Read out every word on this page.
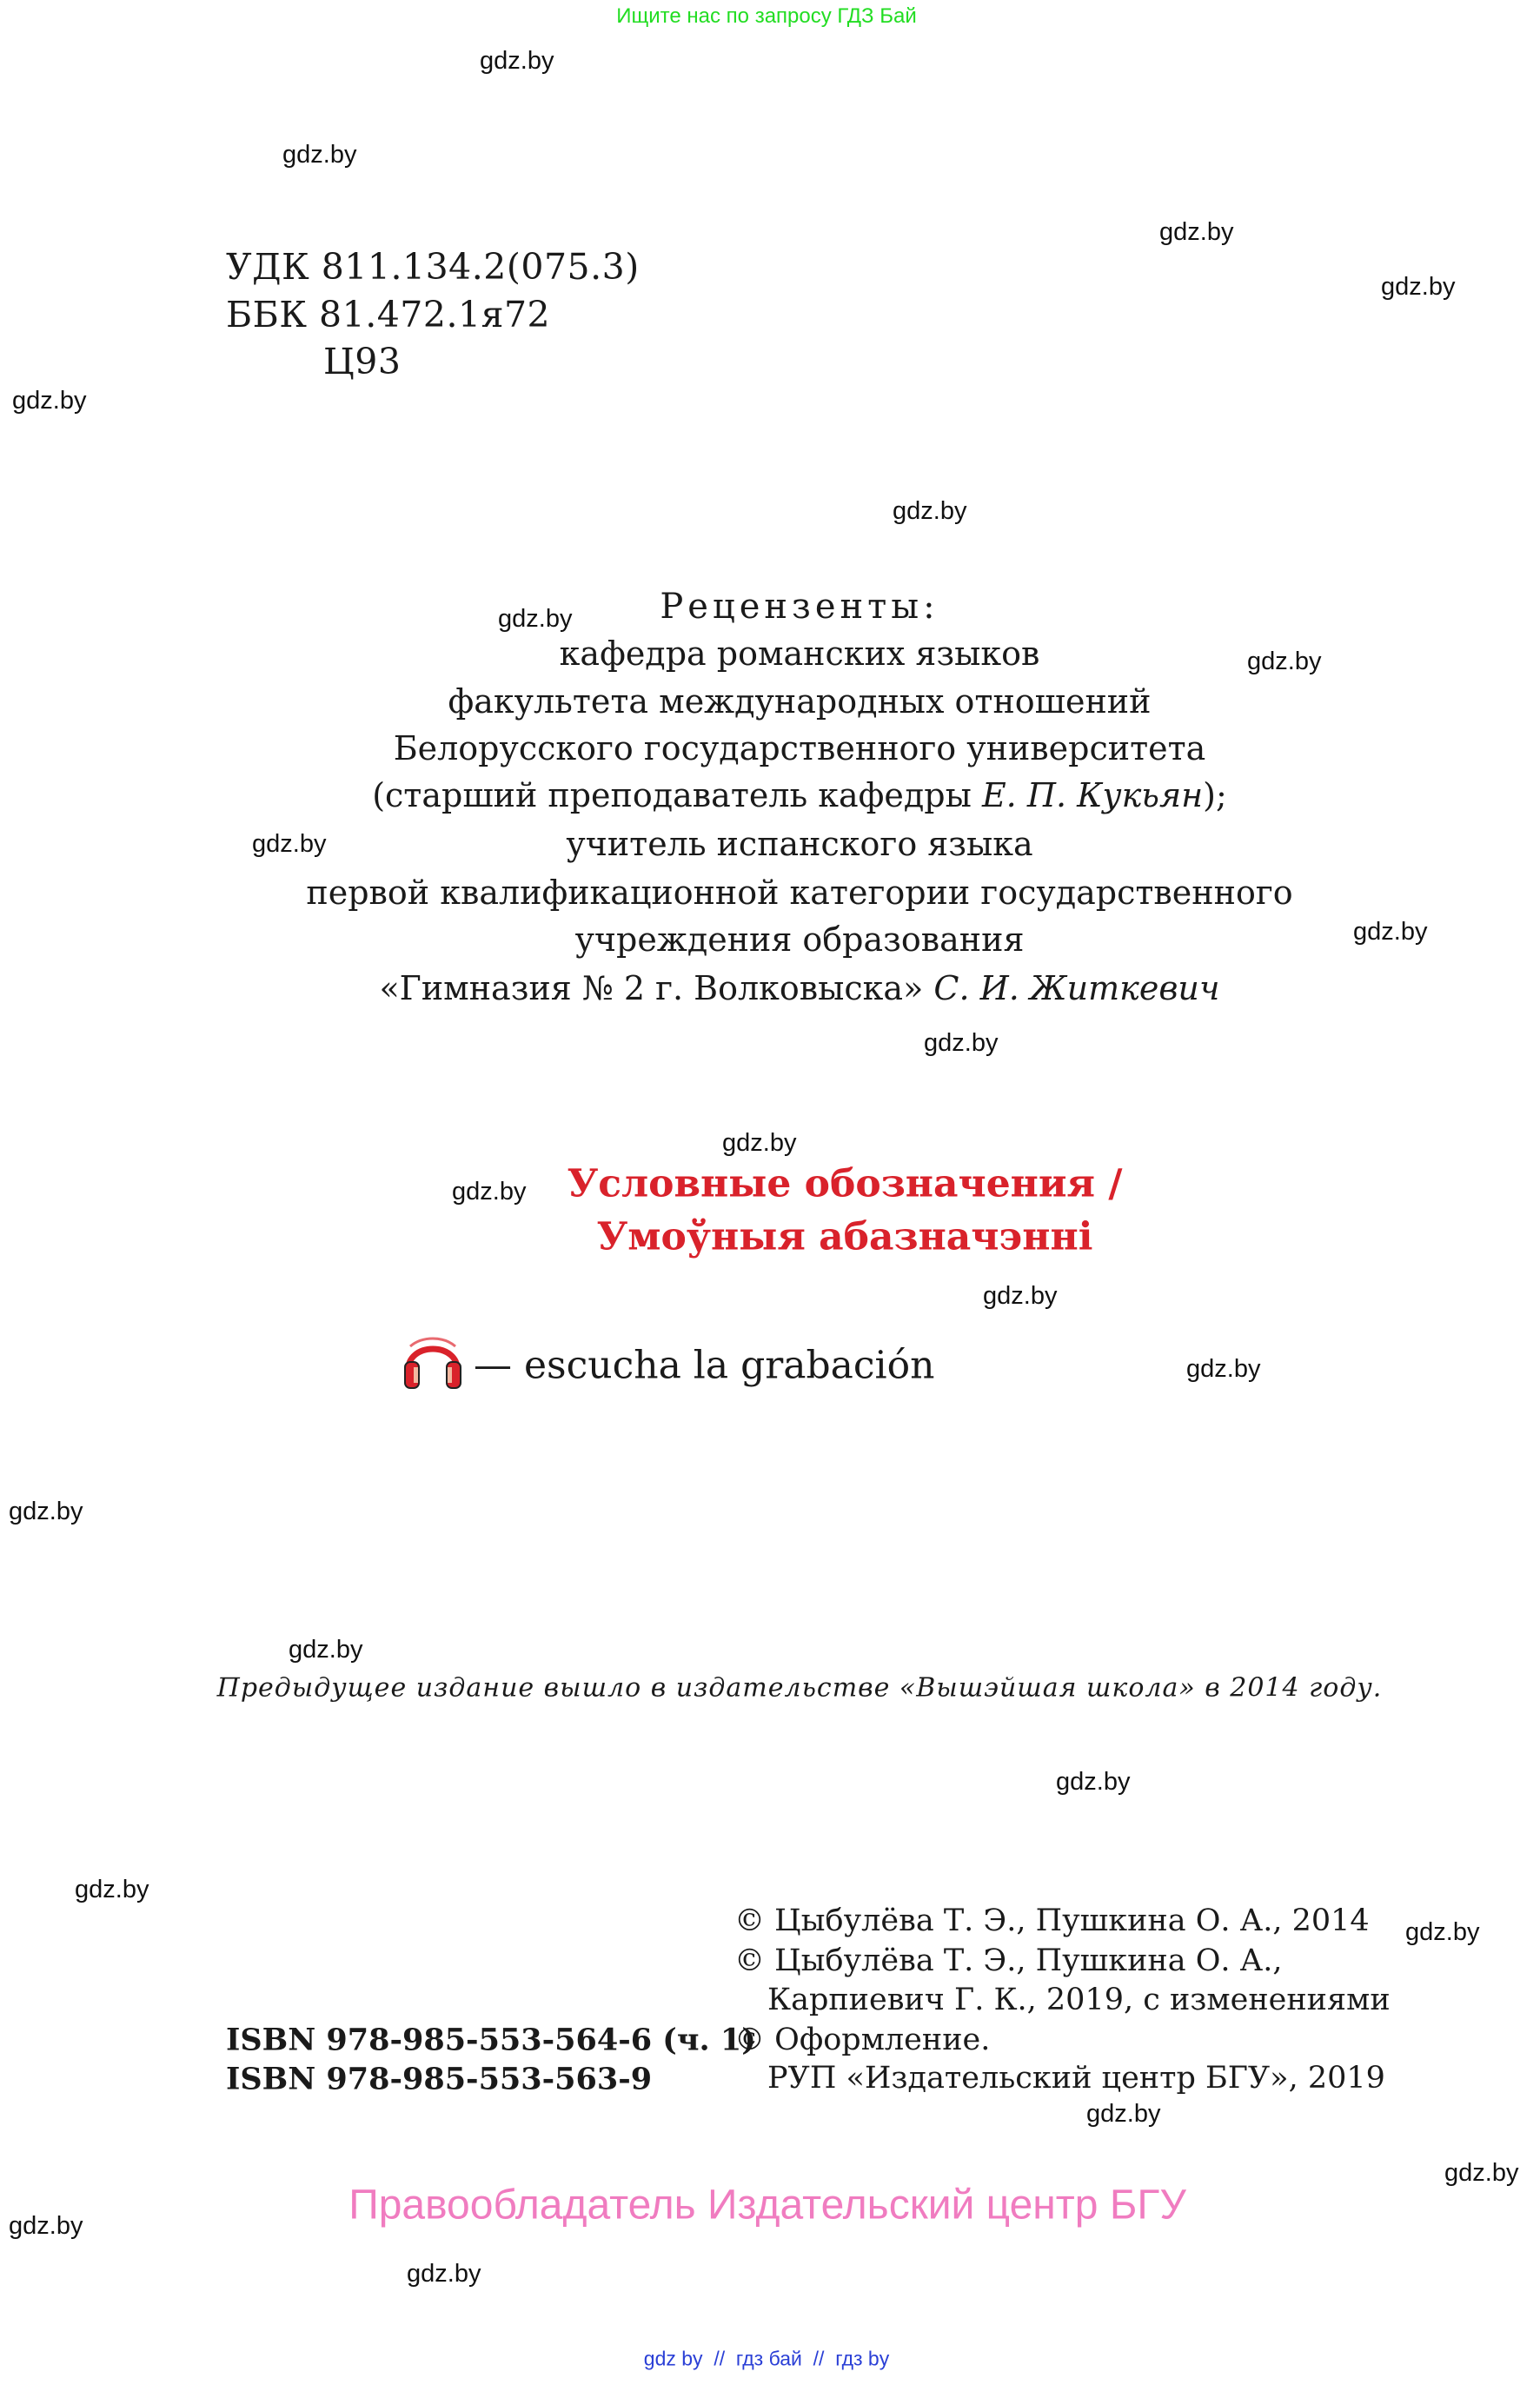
Ищите нас по запросу ГДЗ Бай
gdz.by
gdz.by
gdz.by
gdz.by
gdz.by
gdz.by
gdz.by
gdz.by
gdz.by
gdz.by
gdz.by
gdz.by
gdz.by
gdz.by
gdz.by
gdz.by
gdz.by
gdz.by
gdz.by
gdz.by
gdz.by
gdz.by
gdz.by
gdz.by
УДК 811.134.2(075.3)
ББК 81.472.1я72
Ц93
Рецензенты:
кафедра романских языков
факультета международных отношений
Белорусского государственного университета
(старший преподаватель кафедры Е. П. Кукьян);
учитель испанского языка
первой квалификационной категории государственного
учреждения образования
«Гимназия № 2 г. Волковыска» С. И. Житкевич
Условные обозначения /
Умоўныя абазначэнні
— escucha la grabación
Предыдущее издание вышло в издательстве «Вышэйшая школа» в 2014 году.
© Цыбулёва Т. Э., Пушкина О. А., 2014
© Цыбулёва Т. Э., Пушкина О. А.,
Карпиевич Г. К., 2019, с изменениями
© Оформление.
РУП «Издательский центр БГУ», 2019
ISBN 978-985-553-564-6 (ч. 1)
ISBN 978-985-553-563-9
Правообладатель Издательский центр БГУ
gdz by  //  гдз бай  //  гдз by
